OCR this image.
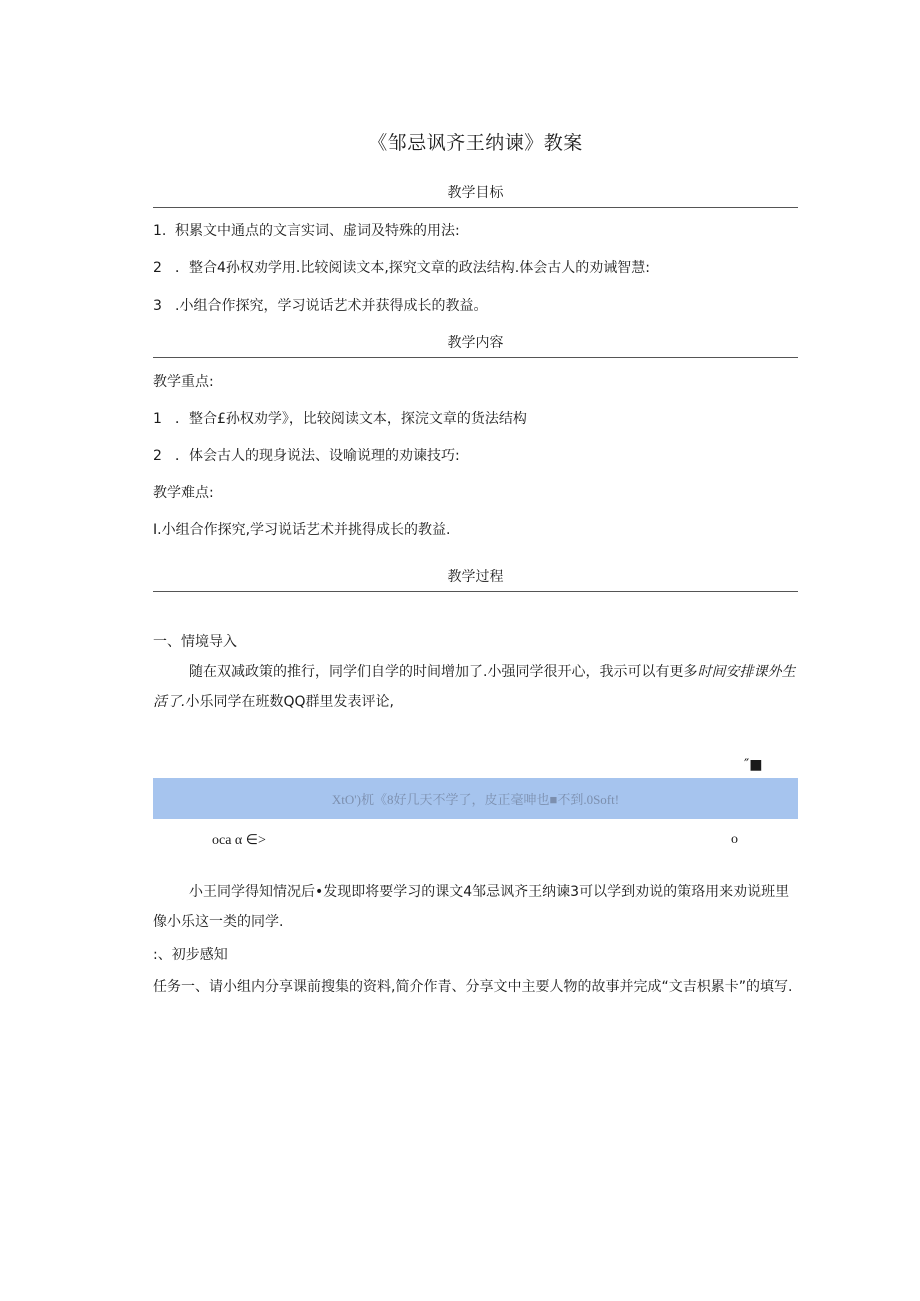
《邹忌讽齐王纳谏》教案
教学目标
1. 积累文中通点的文言实词、虚词及特殊的用法:
2 ．整合4孙权劝学用.比较阅读文本,探究文章的政法结构.体会古人的劝诫智慧:
3 .小组合作探究，学习说话艺术并获得成长的教益。
教学内容
教学重点:
1 ．整合£孙权劝学》，比较阅读文本，探浣文章的货法结构
2 ．体会古人的现身说法、设喻说理的劝谏技巧:
教学难点:
I.小组合作探究,学习说话艺术并挑得成长的教益.
教学过程
一、情境导入
随在双减政策的推行，同学们自学的时间增加了.小强同学很开心，我示可以有更多时间安排课外生活了.小乐同学在班数QQ群里发表评论,
″■
XtO')杌《8好几天不学了，皮正毫呻也■不到.0Soft!
oca α ∈>	o
小王同学得知情况后•发现即将要学习的课文4邹忌讽齐王纳谏3可以学到劝说的策珞用来劝说班里像小乐这一类的同学.
:、初步感知
任务一、请小组内分享课前搜集的资料,简介作青、分享文中主要人物的故事并完成“文吉枳累卡”的填写.
